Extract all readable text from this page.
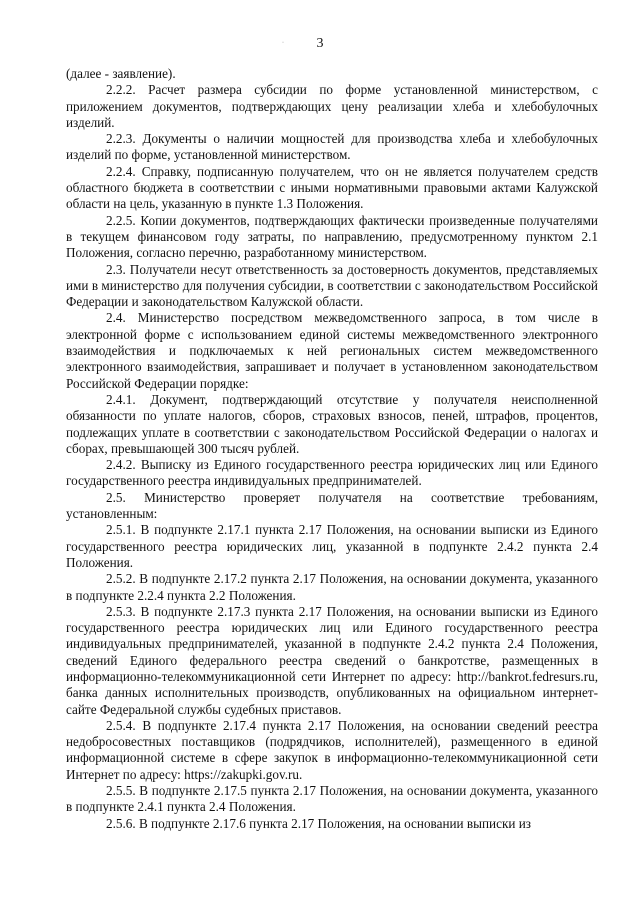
3
·

(далее - заявление).

2.2.2. Расчет размера субсидии по форме установленной министерством, с приложением документов, подтверждающих цену реализации хлеба и хлебобулочных изделий.

2.2.3. Документы о наличии мощностей для производства хлеба и хлебобулочных изделий по форме, установленной министерством.

2.2.4. Справку, подписанную получателем, что он не является получателем средств областного бюджета в соответствии с иными нормативными правовыми актами Калужской области на цель, указанную в пункте 1.3 Положения.

2.2.5. Копии документов, подтверждающих фактически произведенные получателями в текущем финансовом году затраты, по направлению, предусмотренному пунктом 2.1 Положения, согласно перечню, разработанному министерством.

2.3. Получатели несут ответственность за достоверность документов, представляемых ими в министерство для получения субсидии, в соответствии с законодательством Российской Федерации и законодательством Калужской области.

2.4. Министерство посредством межведомственного запроса, в том числе в электронной форме с использованием единой системы межведомственного электронного взаимодействия и подключаемых к ней региональных систем межведомственного электронного взаимодействия, запрашивает и получает в установленном законодательством Российской Федерации порядке:

2.4.1. Документ, подтверждающий отсутствие у получателя неисполненной обязанности по уплате налогов, сборов, страховых взносов, пеней, штрафов, процентов, подлежащих уплате в соответствии с законодательством Российской Федерации о налогах и сборах, превышающей 300 тысяч рублей.

2.4.2. Выписку из Единого государственного реестра юридических лиц или Единого государственного реестра индивидуальных предпринимателей.

2.5. Министерство проверяет получателя на соответствие требованиям, установленным:

2.5.1. В подпункте 2.17.1 пункта 2.17 Положения, на основании выписки из Единого государственного реестра юридических лиц, указанной в подпункте 2.4.2 пункта 2.4 Положения.

2.5.2. В подпункте 2.17.2 пункта 2.17 Положения, на основании документа, указанного в подпункте 2.2.4 пункта 2.2 Положения.

2.5.3. В подпункте 2.17.3 пункта 2.17 Положения, на основании выписки из Единого государственного реестра юридических лиц или Единого государственного реестра индивидуальных предпринимателей, указанной в подпункте 2.4.2 пункта 2.4 Положения, сведений Единого федерального реестра сведений о банкротстве, размещенных в информационно-телекоммуникационной сети Интернет по адресу: http://bankrot.fedresurs.ru, банка данных исполнительных производств, опубликованных на официальном интернет-сайте Федеральной службы судебных приставов.

2.5.4. В подпункте 2.17.4 пункта 2.17 Положения, на основании сведений реестра недобросовестных поставщиков (подрядчиков, исполнителей), размещенного в единой информационной системе в сфере закупок в информационно-телекоммуникационной сети Интернет по адресу: https://zakupki.gov.ru.

2.5.5. В подпункте 2.17.5 пункта 2.17 Положения, на основании документа, указанного в подпункте 2.4.1 пункта 2.4 Положения.

2.5.6. В подпункте 2.17.6 пункта 2.17 Положения, на основании выписки из
